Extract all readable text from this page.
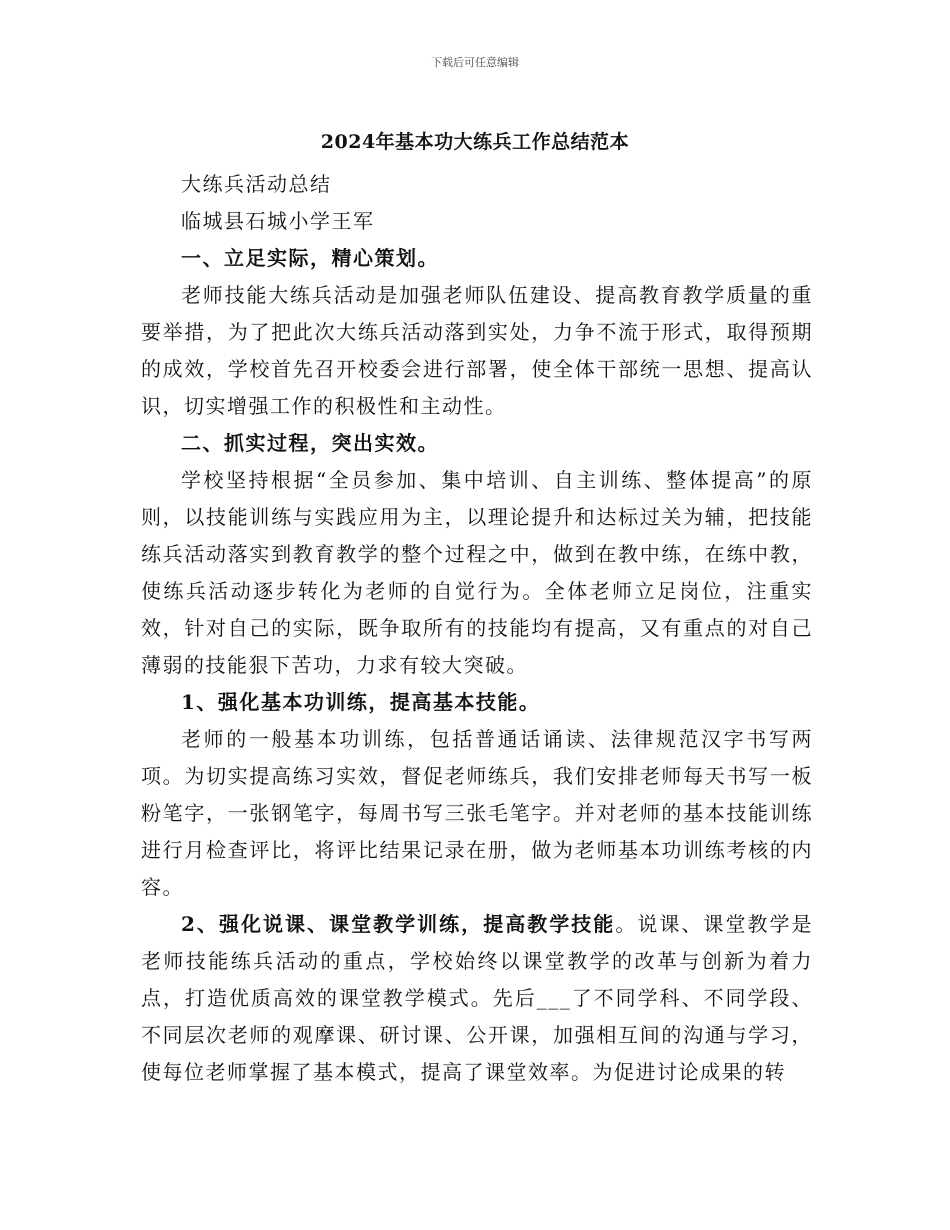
下载后可任意编辑
2024年基本功大练兵工作总结范本

大练兵活动总结

临城县石城小学王军

一、立足实际，精心策划。

老师技能大练兵活动是加强老师队伍建设、提高教育教学质量的重要举措，为了把此次大练兵活动落到实处，力争不流于形式，取得预期的成效，学校首先召开校委会进行部署，使全体干部统一思想、提高认识，切实增强工作的积极性和主动性。

二、抓实过程，突出实效。

学校坚持根据“全员参加、集中培训、自主训练、整体提高”的原则，以技能训练与实践应用为主，以理论提升和达标过关为辅，把技能练兵活动落实到教育教学的整个过程之中，做到在教中练，在练中教，使练兵活动逐步转化为老师的自觉行为。全体老师立足岗位，注重实效，针对自己的实际，既争取所有的技能均有提高，又有重点的对自己薄弱的技能狠下苦功，力求有较大突破。

1、强化基本功训练，提高基本技能。

老师的一般基本功训练，包括普通话诵读、法律规范汉字书写两项。为切实提高练习实效，督促老师练兵，我们安排老师每天书写一板粉笔字，一张钢笔字，每周书写三张毛笔字。并对老师的基本技能训练进行月检查评比，将评比结果记录在册，做为老师基本功训练考核的内容。

2、强化说课、课堂教学训练，提高教学技能。说课、课堂教学是老师技能练兵活动的重点，学校始终以课堂教学的改革与创新为着力点，打造优质高效的课堂教学模式。先后___了不同学科、不同学段、不同层次老师的观摩课、研讨课、公开课，加强相互间的沟通与学习，使每位老师掌握了基本模式，提高了课堂效率。为促进讨论成果的转
